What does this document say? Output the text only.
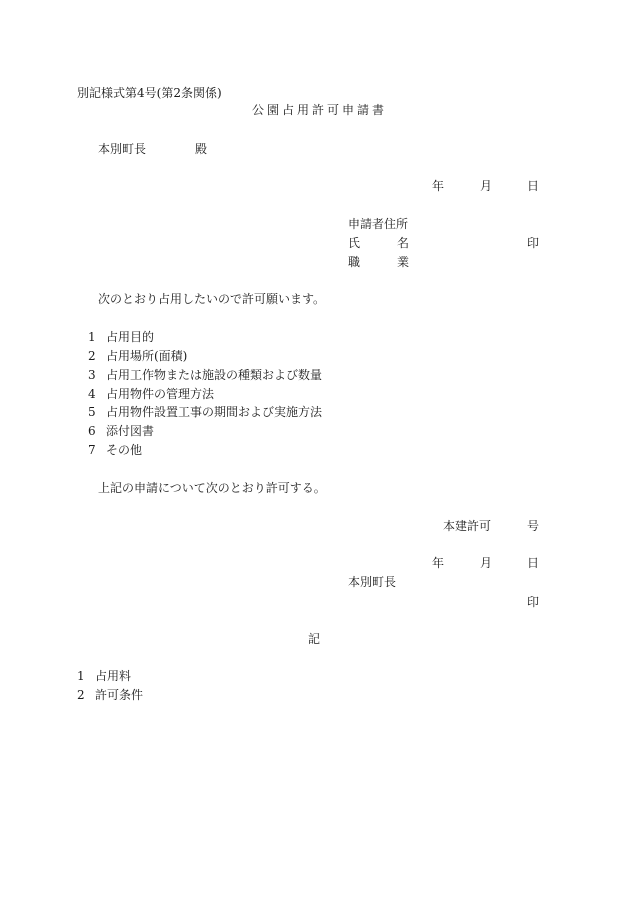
別記様式第4号(第2条関係)
公園占用許可申請書
本別町長	殿
年	月	日
申請者住所
氏	名	印
職	業
次のとおり占用したいので許可願います。
1 占用目的
2 占用場所(面積)
3 占用工作物または施設の種類および数量
4 占用物件の管理方法
5 占用物件設置工事の期間および実施方法
6 添付図書
7 その他
上記の申請について次のとおり許可する。
本建許可	号
年	月	日
本別町長
印
記
1 占用料
2 許可条件
